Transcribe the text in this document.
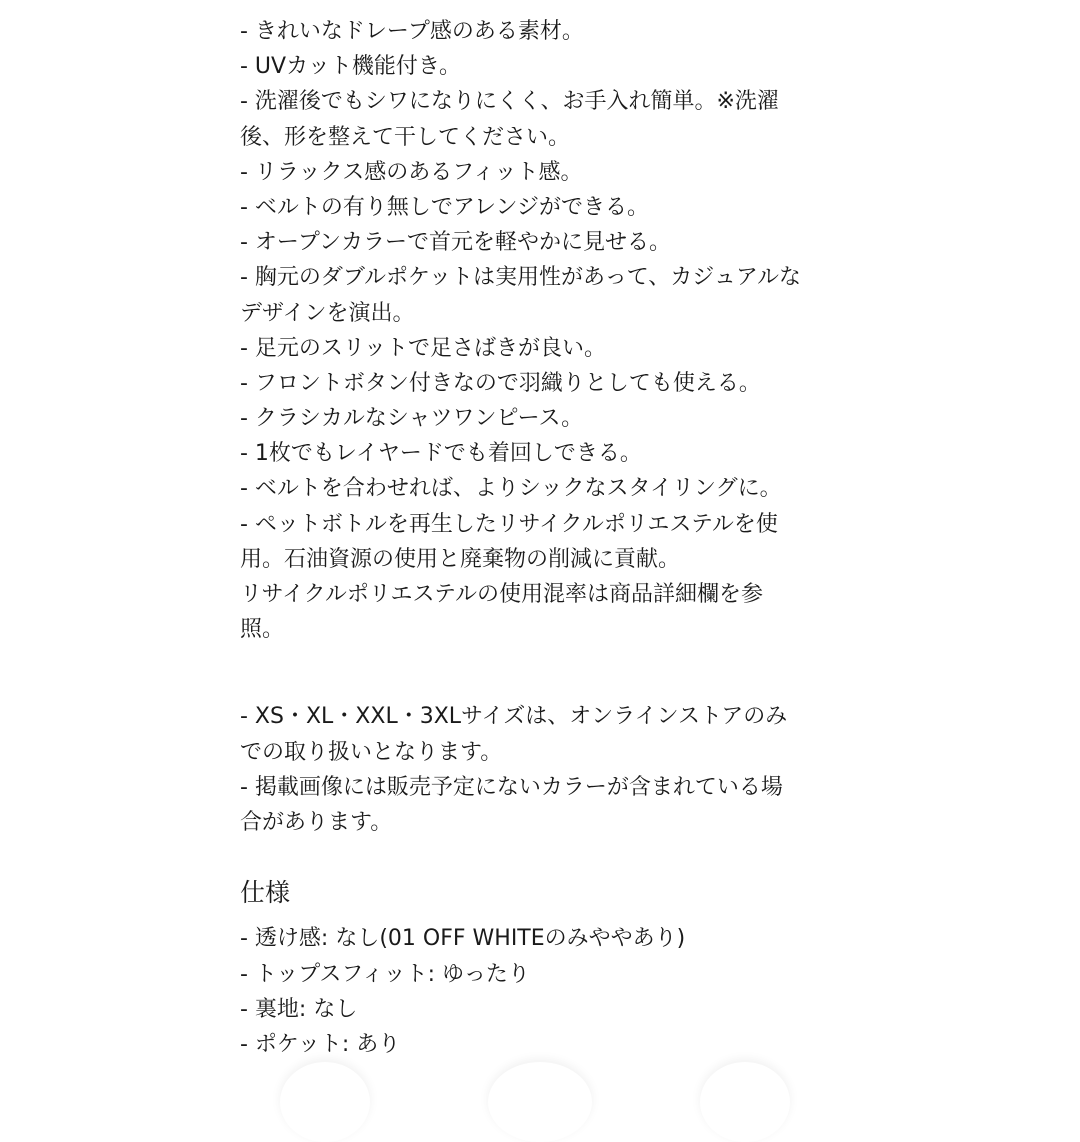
- きれいなドレープ感のある素材。
- UVカット機能付き。
- 洗濯後でもシワになりにくく、お手入れ簡単。※洗濯
後、形を整えて干してください。
- リラックス感のあるフィット感。
- ベルトの有り無しでアレンジができる。
- オープンカラーで首元を軽やかに見せる。
- 胸元のダブルポケットは実用性があって、カジュアルな
デザインを演出。
- 足元のスリットで足さばきが良い。
- フロントボタン付きなので羽織りとしても使える。
- クラシカルなシャツワンピース。
- 1枚でもレイヤードでも着回しできる。
- ベルトを合わせれば、よりシックなスタイリングに。
- ペットボトルを再生したリサイクルポリエステルを使
用。石油資源の使用と廃棄物の削減に貢献。
リサイクルポリエステルの使用混率は商品詳細欄を参
照。
- XS・XL・XXL・3XLサイズは、オンラインストアのみ
での取り扱いとなります。
- 掲載画像には販売予定にないカラーが含まれている場
合があります。
仕様
- 透け感: なし(01 OFF WHITEのみややあり)
- トップスフィット: ゆったり
- 裏地: なし
- ポケット: あり
